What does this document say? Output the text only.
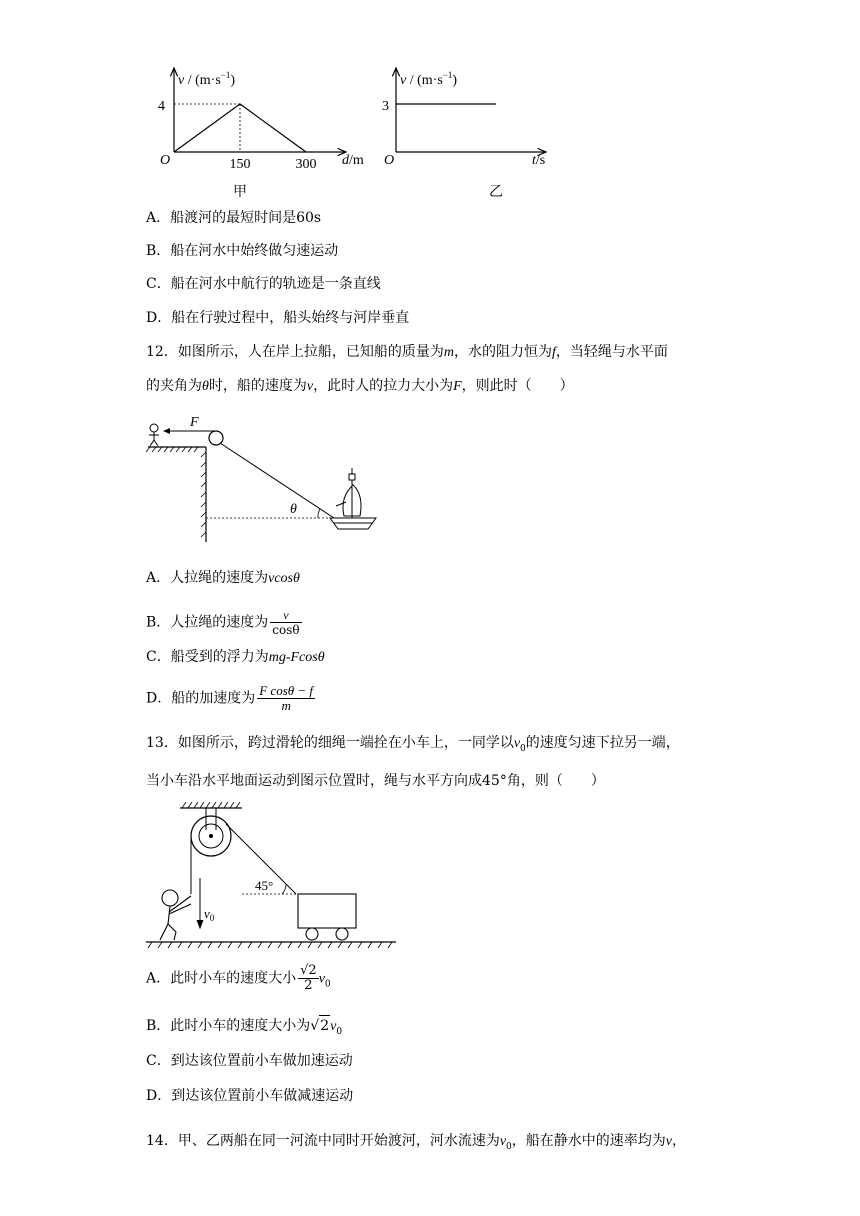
$v / (m\cdot s^{-1})$
4
O	150	300 d/m
甲
$v / (m\cdot s^{-1})$
3
O	t/s
乙
A．船渡河的最短时间是60s
B．船在河水中始终做匀速运动
C．船在河水中航行的轨迹是一条直线
D．船在行驶过程中，船头始终与河岸垂直
12．如图所示，人在岸上拉船，已知船的质量为m，水的阻力恒为f，当轻绳与水平面
的夹角为θ时，船的速度为v，此时人的拉力大小为F，则此时（　　）
F
θ
A．人拉绳的速度为vcosθ
B．人拉绳的速度为 $\frac{v}{\cos\theta}$
C．船受到的浮力为mg-Fcosθ
D．船的加速度为 $\frac{\text{F cosθ − f}}{m}$
13．如图所示，跨过滑轮的细绳一端拴在小车上，一同学以$v_0$的速度匀速下拉另一端，
当小车沿水平地面运动到图示位置时，绳与水平方向成45°角，则（　　）
45°
$v_0$
A．此时小车的速度大小 $\frac{√2}{2} v_0$
B．此时小车的速度大小为$√2v_0$
C．到达该位置前小车做加速运动
D．到达该位置前小车做减速运动
14．甲、乙两船在同一河流中同时开始渡河，河水流速为$v_0$，船在静水中的速率均为v，
